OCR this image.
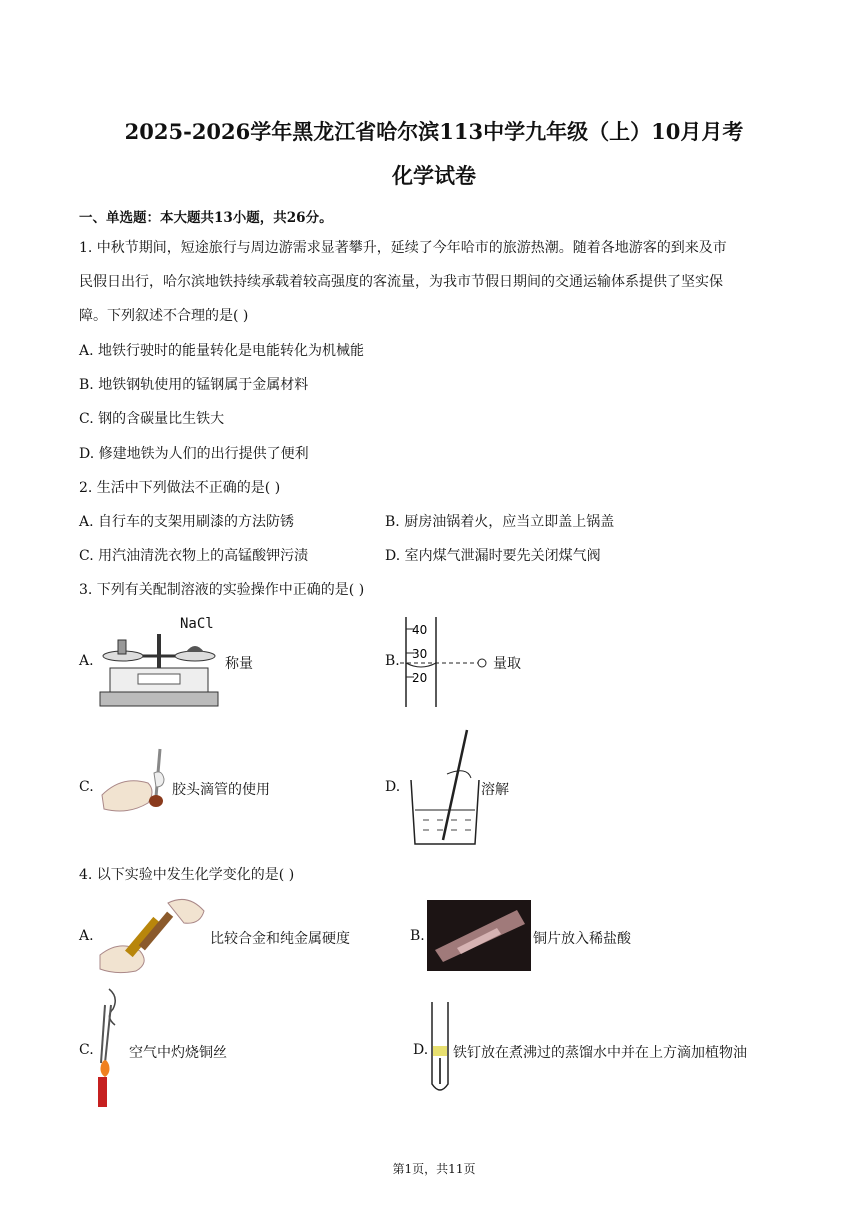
2025-2026学年黑龙江省哈尔滨113中学九年级（上）10月月考
化学试卷
一、单选题：本大题共13小题，共26分。
1. 中秋节期间，短途旅行与周边游需求显著攀升，延续了今年哈市的旅游热潮。随着各地游客的到来及市
民假日出行，哈尔滨地铁持续承载着较高强度的客流量，为我市节假日期间的交通运输体系提供了坚实保
障。下列叙述不合理的是( )
A. 地铁行驶时的能量转化是电能转化为机械能
B. 地铁钢轨使用的锰钢属于金属材料
C. 钢的含碳量比生铁大
D. 修建地铁为人们的出行提供了便利
2. 生活中下列做法不正确的是( )
A. 自行车的支架用刷漆的方法防锈	B. 厨房油锅着火，应当立即盖上锅盖
C. 用汽油清洗衣物上的高锰酸钾污渍	D. 室内煤气泄漏时要先关闭煤气阀
3. 下列有关配制溶液的实验操作中正确的是( )
A.
NaCl
称量	B.
40
30
20
量取
C.	胶头滴管的使用	D.	溶解
4. 以下实验中发生化学变化的是( )
A.	比较合金和纯金属硬度	B.	铜片放入稀盐酸
C.	空气中灼烧铜丝	D. 铁钉放在煮沸过的蒸馏水中并在上方滴加植物油
第1页，共11页
